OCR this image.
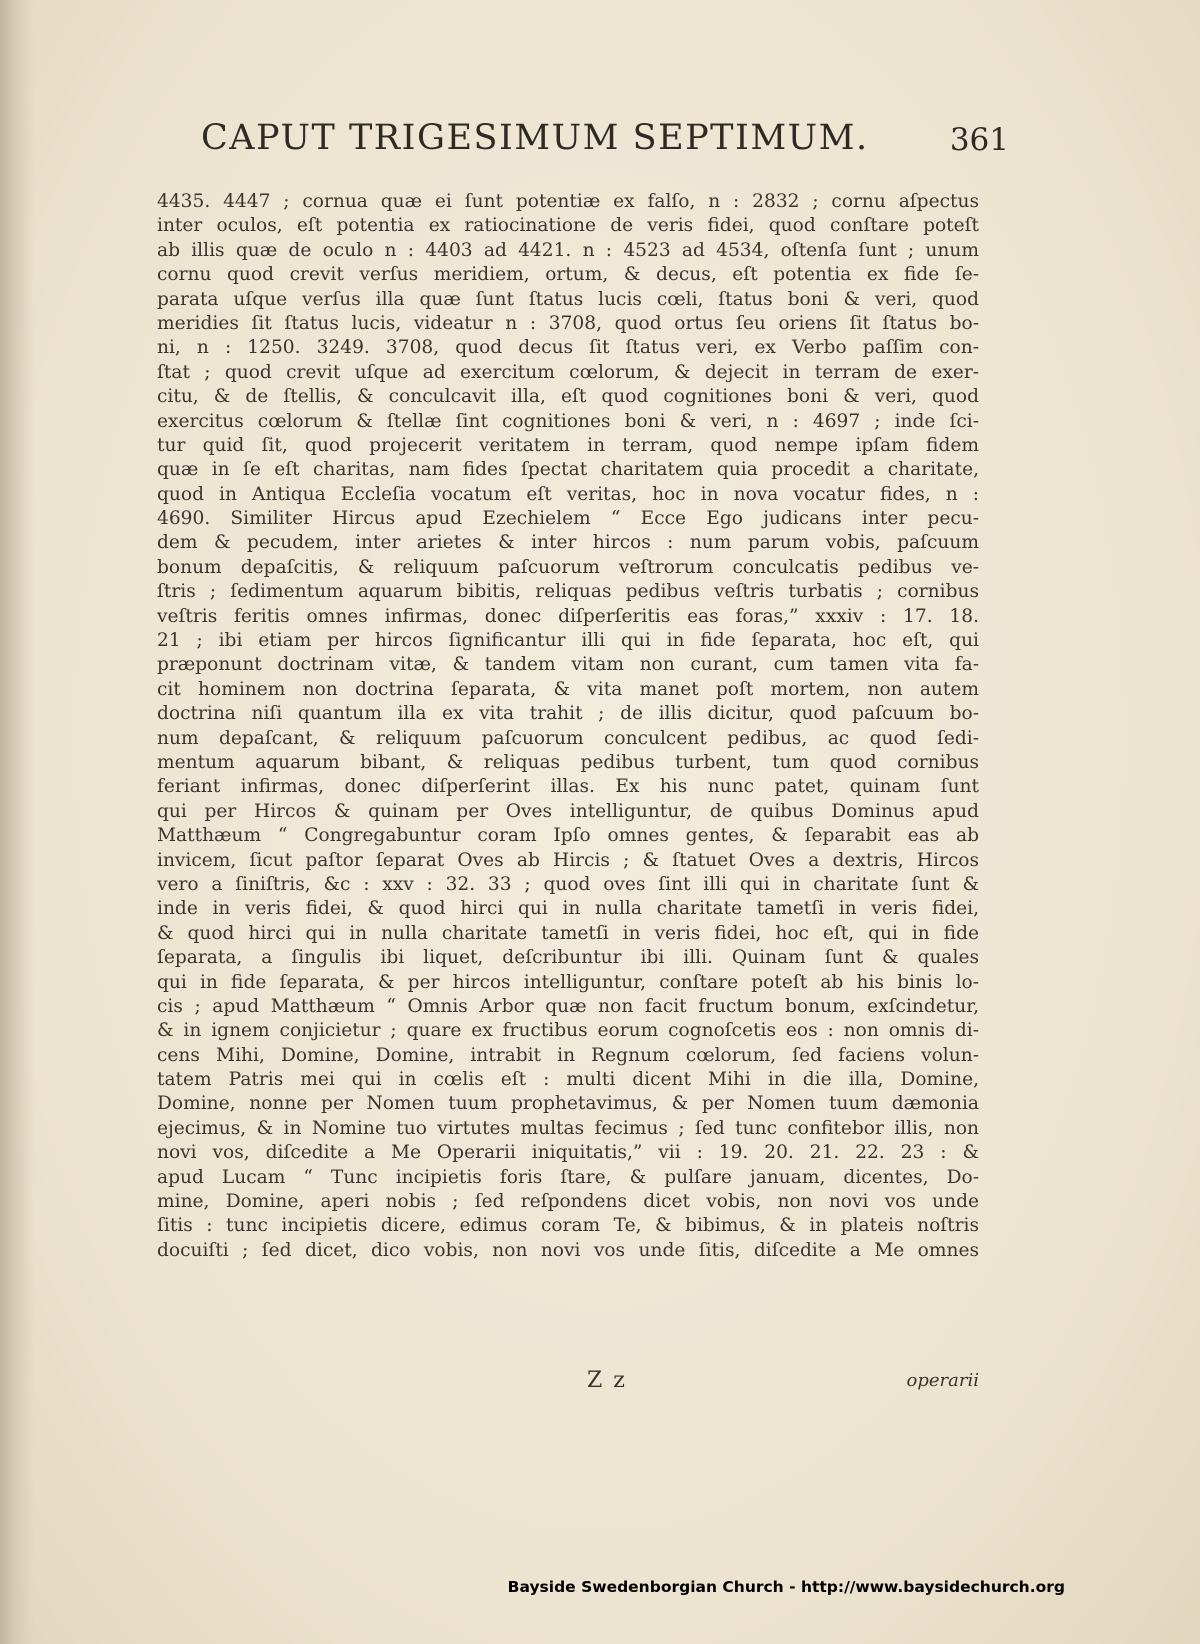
CAPUT TRIGESIMUM SEPTIMUM.	361
4435. 4447 ; cornua quæ ei ſunt potentiæ ex falſo, n : 2832 ; cornu aſpectus
inter oculos, eſt potentia ex ratiocinatione de veris fidei, quod conſtare poteſt
ab illis quæ de oculo n : 4403 ad 4421. n : 4523 ad 4534, oſtenſa ſunt ; unum
cornu quod crevit verſus meridiem, ortum, & decus, eſt potentia ex fide ſe-
parata uſque verſus illa quæ ſunt ſtatus lucis cœli, ſtatus boni & veri, quod
meridies ſit ſtatus lucis, videatur n : 3708, quod ortus ſeu oriens ſit ſtatus bo-
ni, n : 1250. 3249. 3708, quod decus ſit ſtatus veri, ex Verbo paſſim con-
ſtat ; quod crevit uſque ad exercitum cœlorum, & dejecit in terram de exer-
citu, & de ſtellis, & conculcavit illa, eſt quod cognitiones boni & veri, quod
exercitus cœlorum & ſtellæ ſint cognitiones boni & veri, n : 4697 ; inde ſci-
tur quid ſit, quod projecerit veritatem in terram, quod nempe ipſam fidem
quæ in ſe eſt charitas, nam fides ſpectat charitatem quia procedit a charitate,
quod in Antiqua Eccleſia vocatum eſt veritas, hoc in nova vocatur fides, n :
4690. Similiter Hircus apud Ezechielem “ Ecce Ego judicans inter pecu-
dem & pecudem, inter arietes & inter hircos : num parum vobis, paſcuum
bonum depaſcitis, & reliquum paſcuorum veſtrorum conculcatis pedibus ve-
ſtris ; ſedimentum aquarum bibitis, reliquas pedibus veſtris turbatis ; cornibus
veſtris feritis omnes infirmas, donec diſperſeritis eas foras,” xxxiv : 17. 18.
21 ; ibi etiam per hircos ſignificantur illi qui in fide ſeparata, hoc eſt, qui
præponunt doctrinam vitæ, & tandem vitam non curant, cum tamen vita fa-
cit hominem non doctrina ſeparata, & vita manet poſt mortem, non autem
doctrina niſi quantum illa ex vita trahit ; de illis dicitur, quod paſcuum bo-
num depaſcant, & reliquum paſcuorum conculcent pedibus, ac quod ſedi-
mentum aquarum bibant, & reliquas pedibus turbent, tum quod cornibus
feriant infirmas, donec diſperſerint illas. Ex his nunc patet, quinam ſunt
qui per Hircos & quinam per Oves intelliguntur, de quibus Dominus apud
Matthæum “ Congregabuntur coram Ipſo omnes gentes, & ſeparabit eas ab
invicem, ſicut paſtor ſeparat Oves ab Hircis ; & ſtatuet Oves a dextris, Hircos
vero a ſiniſtris, &c : xxv : 32. 33 ; quod oves ſint illi qui in charitate ſunt &
inde in veris fidei, & quod hirci qui in nulla charitate tametſi in veris fidei,
& quod hirci qui in nulla charitate tametſi in veris fidei, hoc eſt, qui in fide
ſeparata, a ſingulis ibi liquet, deſcribuntur ibi illi. Quinam ſunt & quales
qui in fide ſeparata, & per hircos intelliguntur, conſtare poteſt ab his binis lo-
cis ; apud Matthæum “ Omnis Arbor quæ non facit fructum bonum, exſcindetur,
& in ignem conjicietur ; quare ex fructibus eorum cognoſcetis eos : non omnis di-
cens Mihi, Domine, Domine, intrabit in Regnum cœlorum, ſed faciens volun-
tatem Patris mei qui in cœlis eſt : multi dicent Mihi in die illa, Domine,
Domine, nonne per Nomen tuum prophetavimus, & per Nomen tuum dæmonia
ejecimus, & in Nomine tuo virtutes multas fecimus ; ſed tunc confitebor illis, non
novi vos, diſcedite a Me Operarii iniquitatis,” vii : 19. 20. 21. 22. 23 : &
apud Lucam “ Tunc incipietis foris ſtare, & pulſare januam, dicentes, Do-
mine, Domine, aperi nobis ; ſed reſpondens dicet vobis, non novi vos unde
ſitis : tunc incipietis dicere, edimus coram Te, & bibimus, & in plateis noſtris
docuiſti ; ſed dicet, dico vobis, non novi vos unde ſitis, diſcedite a Me omnes
Z z	operarii
Bayside Swedenborgian Church - http://www.baysidechurch.org
